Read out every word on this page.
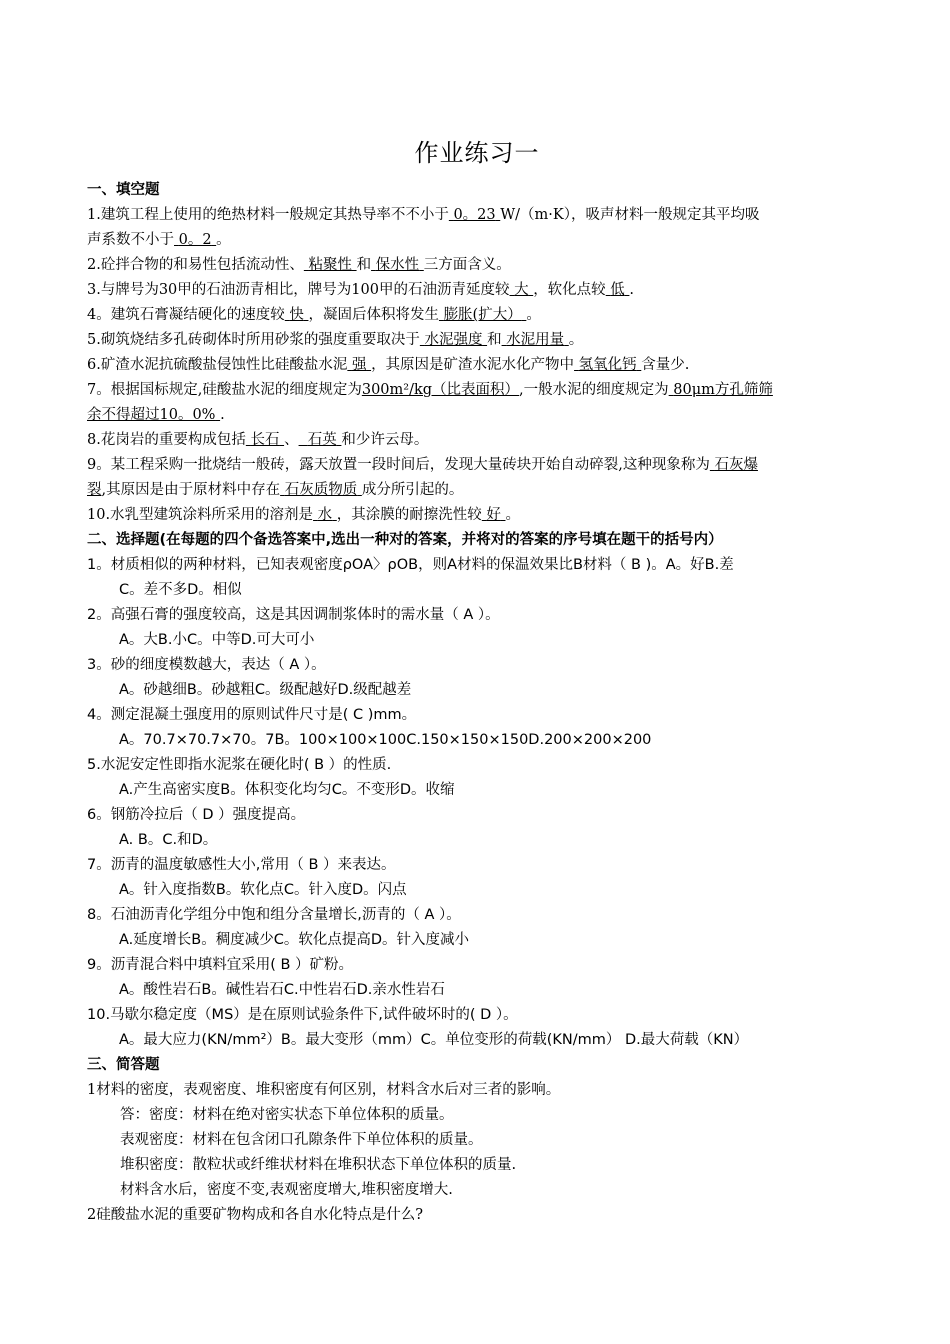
作业练习一
一、填空题
1.建筑工程上使用的绝热材料一般规定其热导率不不小于 0。23 W/（m·K），吸声材料一般规定其平均吸
声系数不小于 0。2 。
2.砼拌合物的和易性包括流动性、 粘聚性 和 保水性 三方面含义。
3.与牌号为30甲的石油沥青相比，牌号为100甲的石油沥青延度较 大 ，软化点较 低 .
4。建筑石膏凝结硬化的速度较 快 ，凝固后体积将发生 膨胀(扩大） 。
5.砌筑烧结多孔砖砌体时所用砂浆的强度重要取决于 水泥强度 和 水泥用量 。
6.矿渣水泥抗硫酸盐侵蚀性比硅酸盐水泥 强 ，其原因是矿渣水泥水化产物中 氢氧化钙 含量少.
7。根据国标规定,硅酸盐水泥的细度规定为300m²/kg（比表面积）,一般水泥的细度规定为 80μm方孔筛筛
余不得超过10。0% .
8.花岗岩的重要构成包括 长石 、 石英 和少许云母。
9。某工程采购一批烧结一般砖，露天放置一段时间后，发现大量砖块开始自动碎裂,这种现象称为 石灰爆
裂,其原因是由于原材料中存在 石灰质物质 成分所引起的。
10.水乳型建筑涂料所采用的溶剂是 水 ，其涂膜的耐擦洗性较 好 。
二、选择题(在每题的四个备选答案中,选出一种对的答案，并将对的答案的序号填在题干的括号内）
1。材质相似的两种材料，已知表观密度ρOA〉ρOB，则A材料的保温效果比B材料（ B )。A。好B.差
C。差不多D。相似
2。高强石膏的强度较高，这是其因调制浆体时的需水量（ A ）。
A。大B.小C。中等D.可大可小
3。砂的细度模数越大，表达（ A ）。
A。砂越细B。砂越粗C。级配越好D.级配越差
4。测定混凝土强度用的原则试件尺寸是( C )mm。
A。70.7×70.7×70。7B。100×100×100C.150×150×150D.200×200×200
5.水泥安定性即指水泥浆在硬化时( B ）的性质.
A.产生高密实度B。体积变化均匀C。不变形D。收缩
6。钢筋冷拉后（ D ）强度提高。
A. B。C.和D。
7。沥青的温度敏感性大小,常用（ B ）来表达。
A。针入度指数B。软化点C。针入度D。闪点
8。石油沥青化学组分中饱和组分含量增长,沥青的（ A ）。
A.延度增长B。稠度减少C。软化点提高D。针入度减小
9。沥青混合料中填料宜采用( B ）矿粉。
A。酸性岩石B。碱性岩石C.中性岩石D.亲水性岩石
10.马歇尔稳定度（MS）是在原则试验条件下,试件破坏时的( D ）。
A。最大应力(KN/mm²）B。最大变形（mm）C。单位变形的荷载(KN/mm） D.最大荷载（KN）
三、简答题
1材料的密度，表观密度、堆积密度有何区别，材料含水后对三者的影响。
答：密度：材料在绝对密实状态下单位体积的质量。
表观密度：材料在包含闭口孔隙条件下单位体积的质量。
堆积密度：散粒状或纤维状材料在堆积状态下单位体积的质量.
材料含水后，密度不变,表观密度增大,堆积密度增大.
2硅酸盐水泥的重要矿物构成和各自水化特点是什么?
